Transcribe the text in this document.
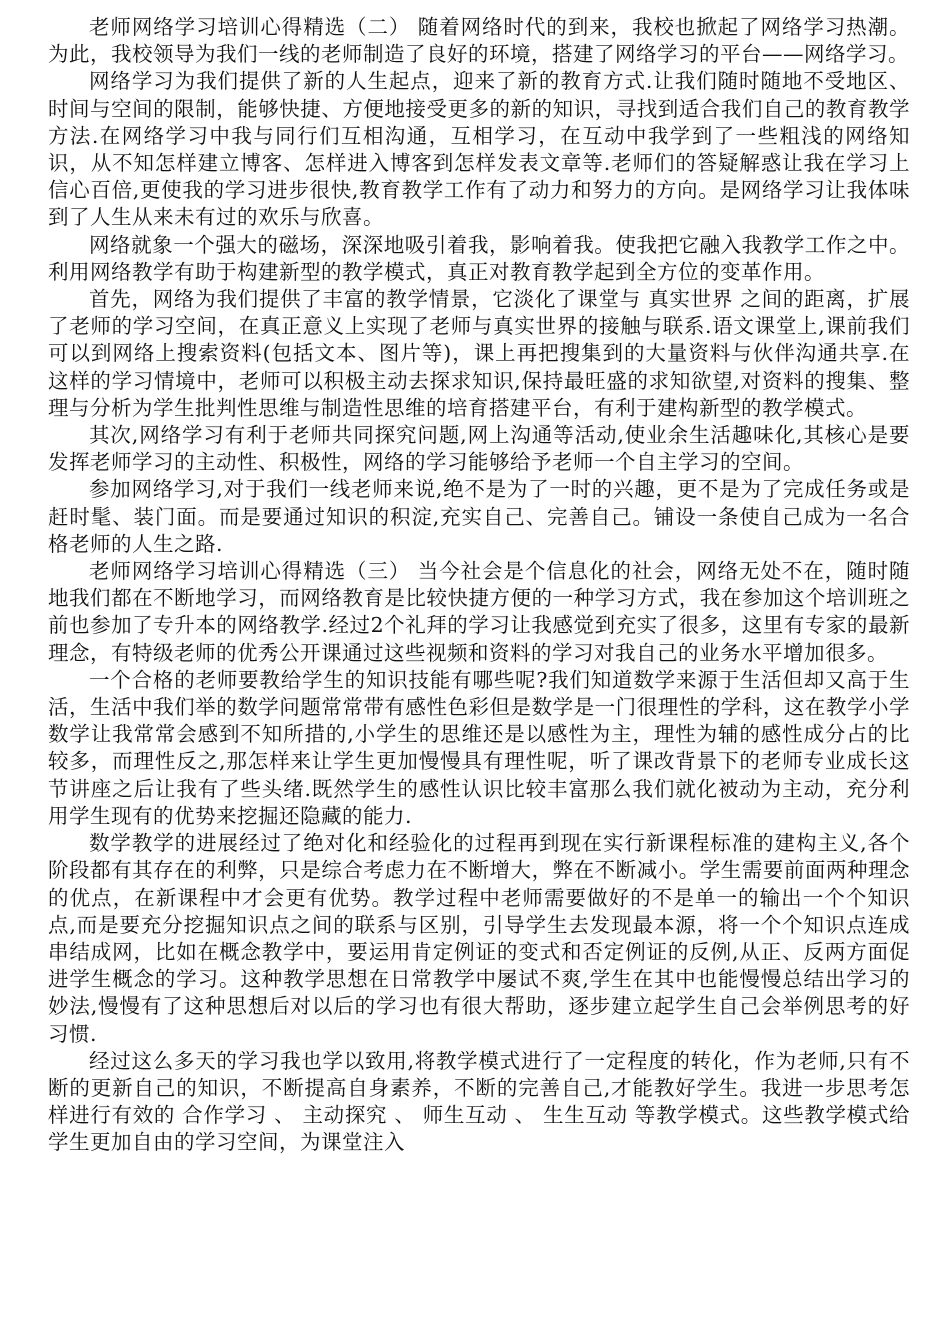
老师网络学习培训心得精选（二） 随着网络时代的到来，我校也掀起了网络学习热潮。为此，我校领导为我们一线的老师制造了良好的环境，搭建了网络学习的平台——网络学习。

网络学习为我们提供了新的人生起点，迎来了新的教育方式.让我们随时随地不受地区、时间与空间的限制，能够快捷、方便地接受更多的新的知识，寻找到适合我们自己的教育教学方法.在网络学习中我与同行们互相沟通，互相学习，在互动中我学到了一些粗浅的网络知识，从不知怎样建立博客、怎样进入博客到怎样发表文章等.老师们的答疑解惑让我在学习上信心百倍,更使我的学习进步很快,教育教学工作有了动力和努力的方向。是网络学习让我体味到了人生从来未有过的欢乐与欣喜。

网络就象一个强大的磁场，深深地吸引着我，影响着我。使我把它融入我教学工作之中。利用网络教学有助于构建新型的教学模式，真正对教育教学起到全方位的变革作用。

首先，网络为我们提供了丰富的教学情景，它淡化了课堂与 真实世界 之间的距离，扩展了老师的学习空间，在真正意义上实现了老师与真实世界的接触与联系.语文课堂上,课前我们可以到网络上搜索资料(包括文本、图片等)，课上再把搜集到的大量资料与伙伴沟通共享.在这样的学习情境中，老师可以积极主动去探求知识,保持最旺盛的求知欲望,对资料的搜集、整理与分析为学生批判性思维与制造性思维的培育搭建平台，有利于建构新型的教学模式。

其次,网络学习有利于老师共同探究问题,网上沟通等活动,使业余生活趣味化,其核心是要发挥老师学习的主动性、积极性，网络的学习能够给予老师一个自主学习的空间。

参加网络学习,对于我们一线老师来说,绝不是为了一时的兴趣，更不是为了完成任务或是赶时髦、装门面。而是要通过知识的积淀,充实自己、完善自己。铺设一条使自己成为一名合格老师的人生之路.

老师网络学习培训心得精选（三） 当今社会是个信息化的社会，网络无处不在，随时随地我们都在不断地学习，而网络教育是比较快捷方便的一种学习方式，我在参加这个培训班之前也参加了专升本的网络教学.经过2个礼拜的学习让我感觉到充实了很多，这里有专家的最新理念，有特级老师的优秀公开课通过这些视频和资料的学习对我自己的业务水平增加很多。

一个合格的老师要教给学生的知识技能有哪些呢?我们知道数学来源于生活但却又高于生活，生活中我们举的数学问题常常带有感性色彩但是数学是一门很理性的学科，这在教学小学数学让我常常会感到不知所措的,小学生的思维还是以感性为主，理性为辅的感性成分占的比较多，而理性反之,那怎样来让学生更加慢慢具有理性呢，听了课改背景下的老师专业成长这节讲座之后让我有了些头绪.既然学生的感性认识比较丰富那么我们就化被动为主动，充分利用学生现有的优势来挖掘还隐藏的能力.

数学教学的进展经过了绝对化和经验化的过程再到现在实行新课程标准的建构主义,各个阶段都有其存在的利弊，只是综合考虑力在不断增大，弊在不断减小。学生需要前面两种理念的优点，在新课程中才会更有优势。教学过程中老师需要做好的不是单一的输出一个个知识点,而是要充分挖掘知识点之间的联系与区别，引导学生去发现最本源，将一个个知识点连成串结成网，比如在概念教学中，要运用肯定例证的变式和否定例证的反例,从正、反两方面促进学生概念的学习。这种教学思想在日常教学中屡试不爽,学生在其中也能慢慢总结出学习的妙法,慢慢有了这种思想后对以后的学习也有很大帮助，逐步建立起学生自己会举例思考的好习惯.

经过这么多天的学习我也学以致用,将教学模式进行了一定程度的转化，作为老师,只有不断的更新自己的知识，不断提高自身素养，不断的完善自己,才能教好学生。我进一步思考怎样进行有效的 合作学习 、 主动探究 、 师生互动 、 生生互动 等教学模式。这些教学模式给学生更加自由的学习空间，为课堂注入
